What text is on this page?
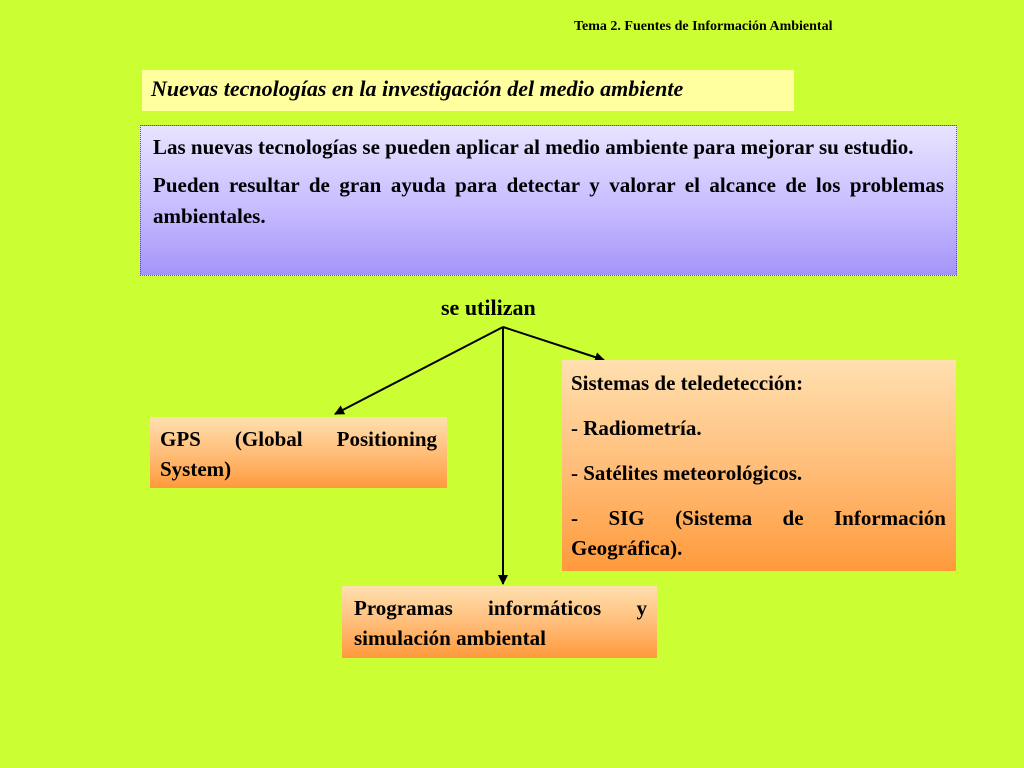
Tema 2. Fuentes de Información Ambiental
Nuevas tecnologías en la investigación del medio ambiente

Las nuevas tecnologías se pueden aplicar al medio ambiente para mejorar su estudio.

Pueden resultar de gran ayuda para detectar y valorar el alcance de los problemas ambientales.

se utilizan
GPS (Global Positioning System)
Sistemas de teledetección:
- Radiometría.
- Satélites meteorológicos.
- SIG (Sistema de Información Geográfica).
Programas informáticos y simulación ambiental
